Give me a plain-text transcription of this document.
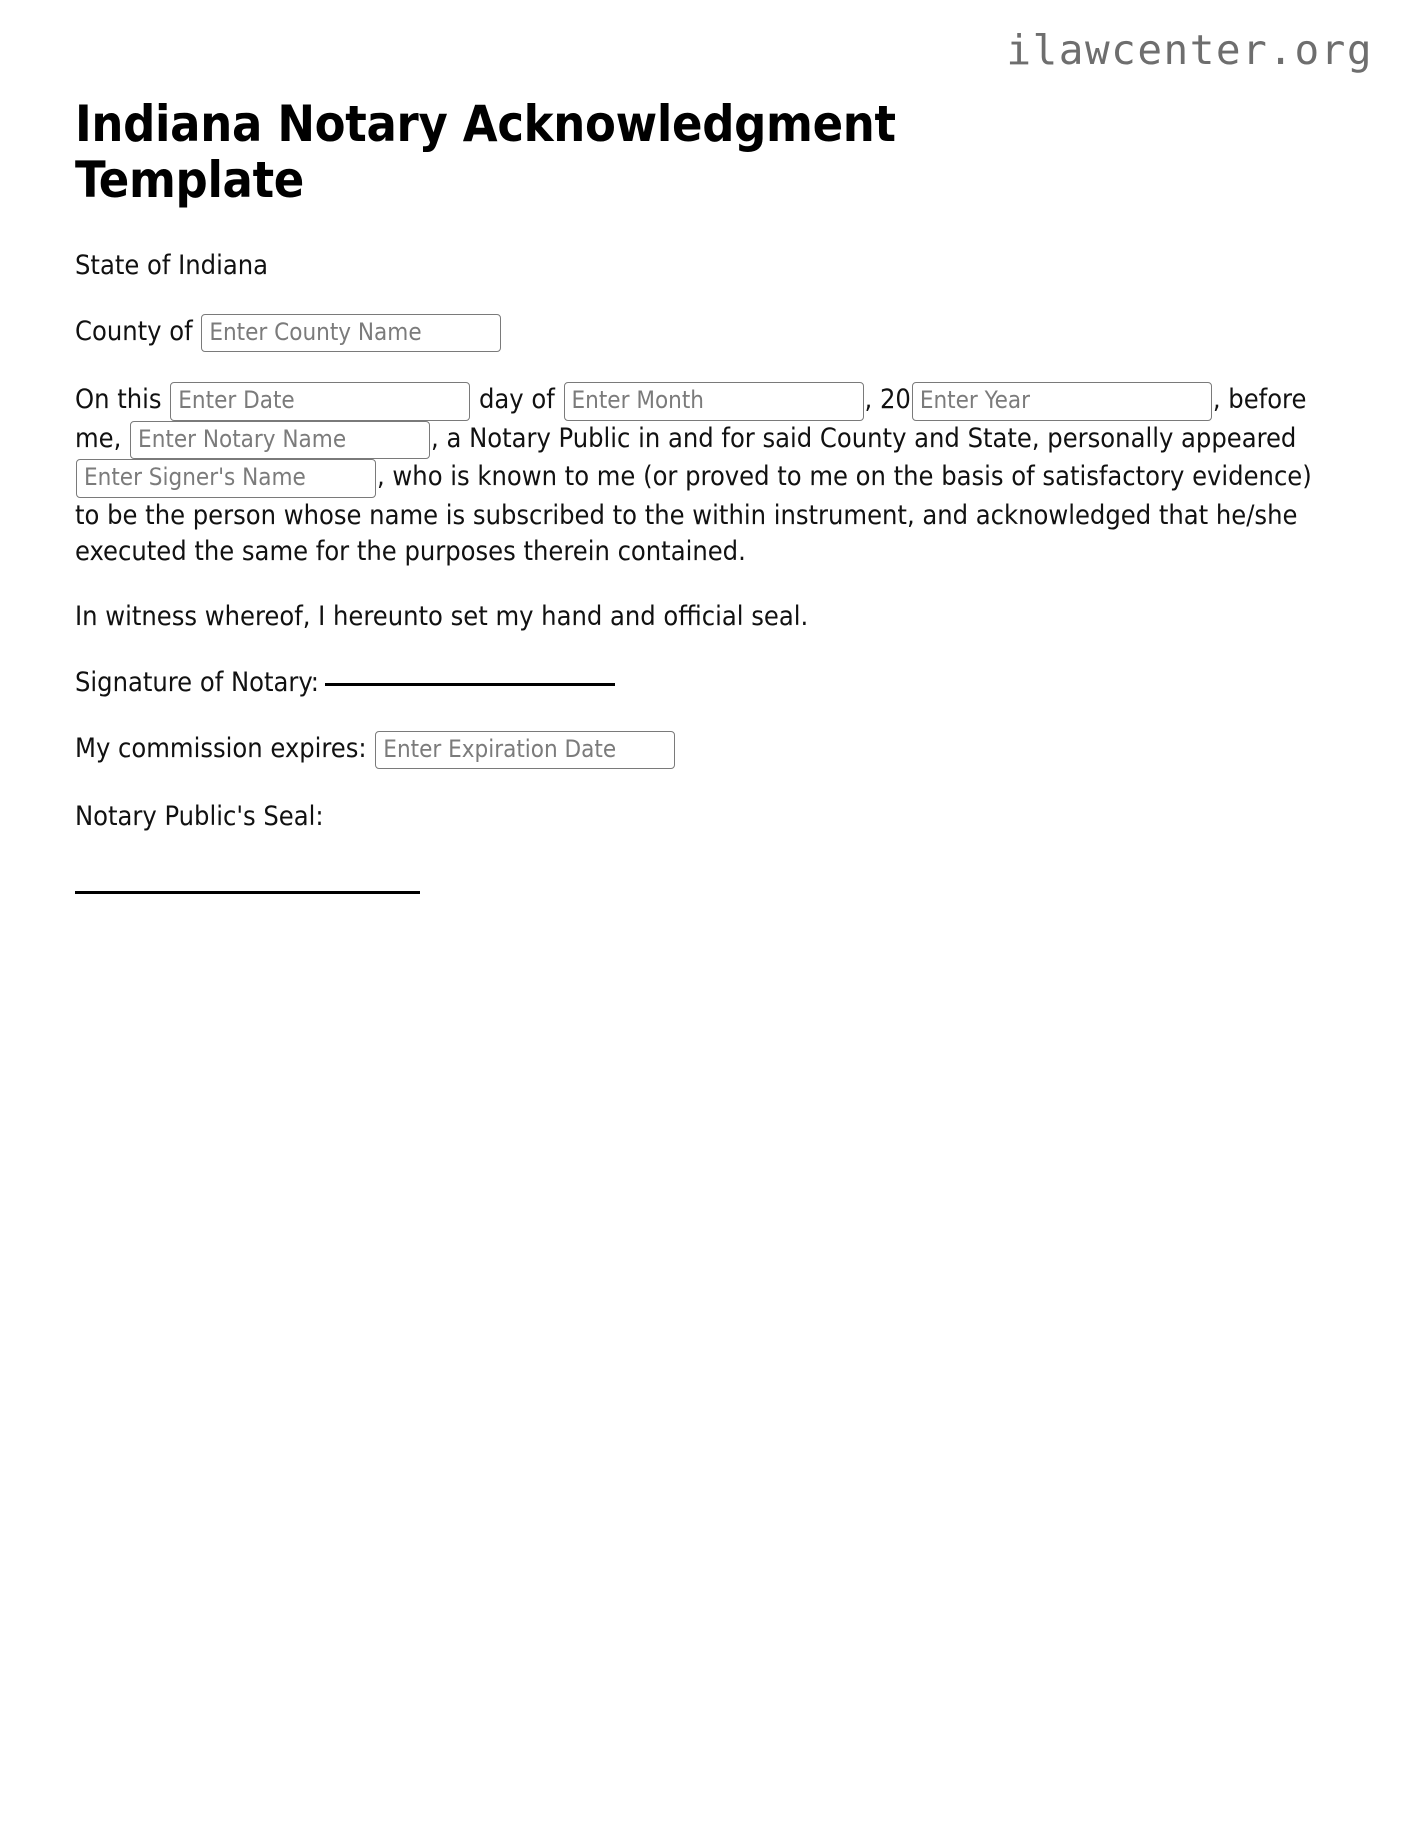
ilawcenter.org
Indiana Notary Acknowledgment Template

State of Indiana

County of Enter County Name

On this Enter Date	day of Enter Month	, 20Enter Year	, before me, Enter Notary Name	, a Notary Public in and for said County and State, personally appeared Enter Signer's Name, who is known to me (or proved to me on the basis of satisfactory evidence) to be the person whose name is subscribed to the within instrument, and acknowledged that he/she executed the same for the purposes therein contained.

In witness whereof, I hereunto set my hand and official seal.

Signature of Notary:

My commission expires: Enter Expiration Date

Notary Public's Seal:
